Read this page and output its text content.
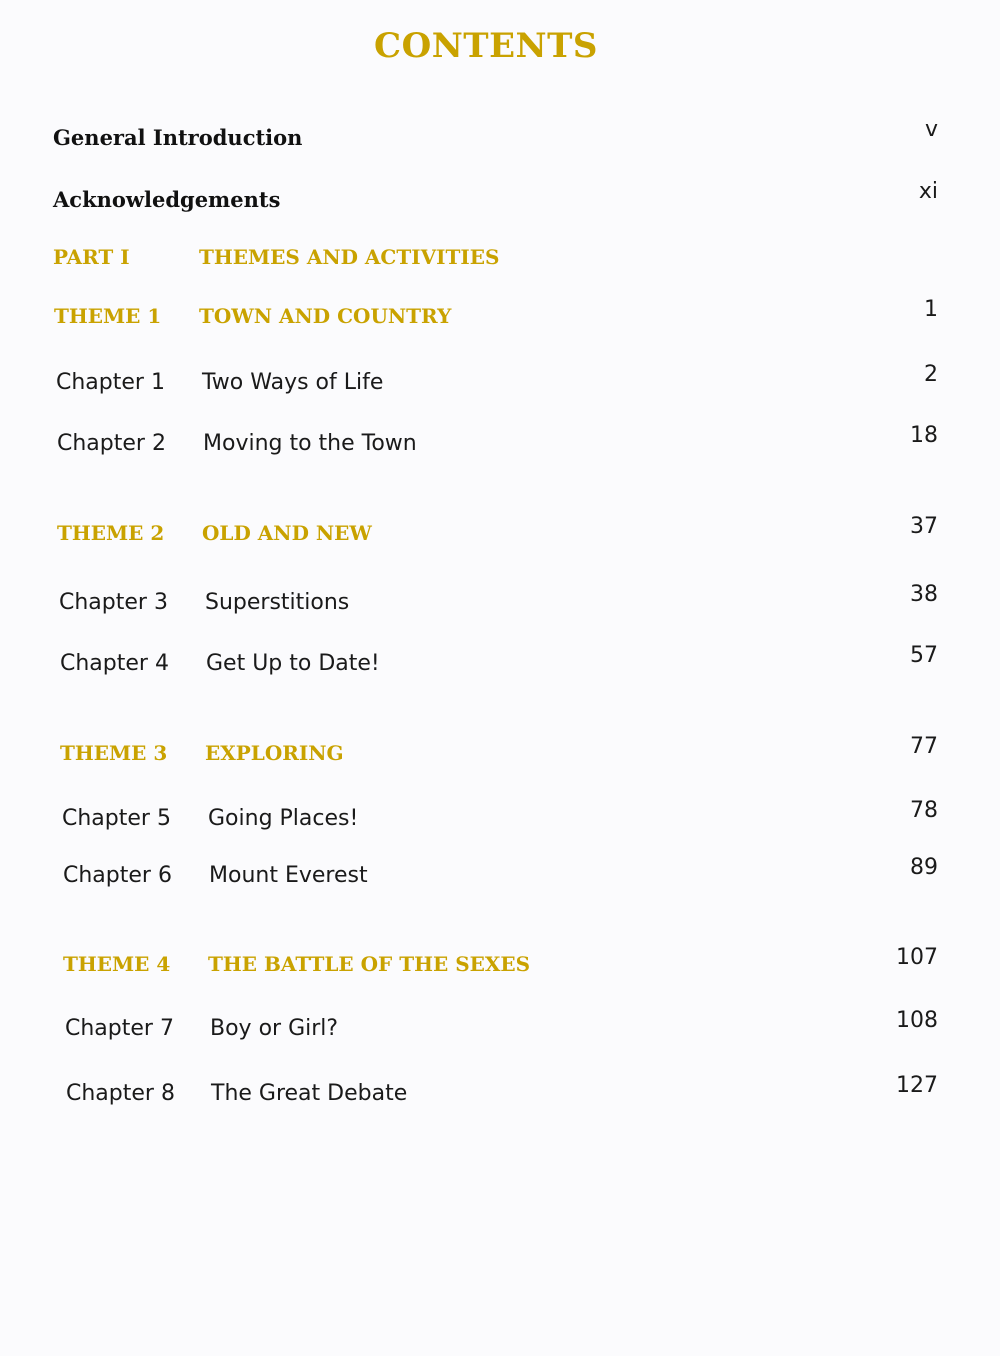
CONTENTS
General Introduction	v
Acknowledgements	xi
PART I	THEMES AND ACTIVITIES
THEME 1 TOWN AND COUNTRY	1
Chapter 1 Two Ways of Life	2
Chapter 2 Moving to the Town	18
THEME 2 OLD AND NEW	37
Chapter 3 Superstitions	38
Chapter 4 Get Up to Date!	57
THEME 3 EXPLORING	77
Chapter 5 Going Places!	78
Chapter 6 Mount Everest	89
THEME 4 THE BATTLE OF THE SEXES	107
Chapter 7 Boy or Girl?	108
Chapter 8 The Great Debate	127
